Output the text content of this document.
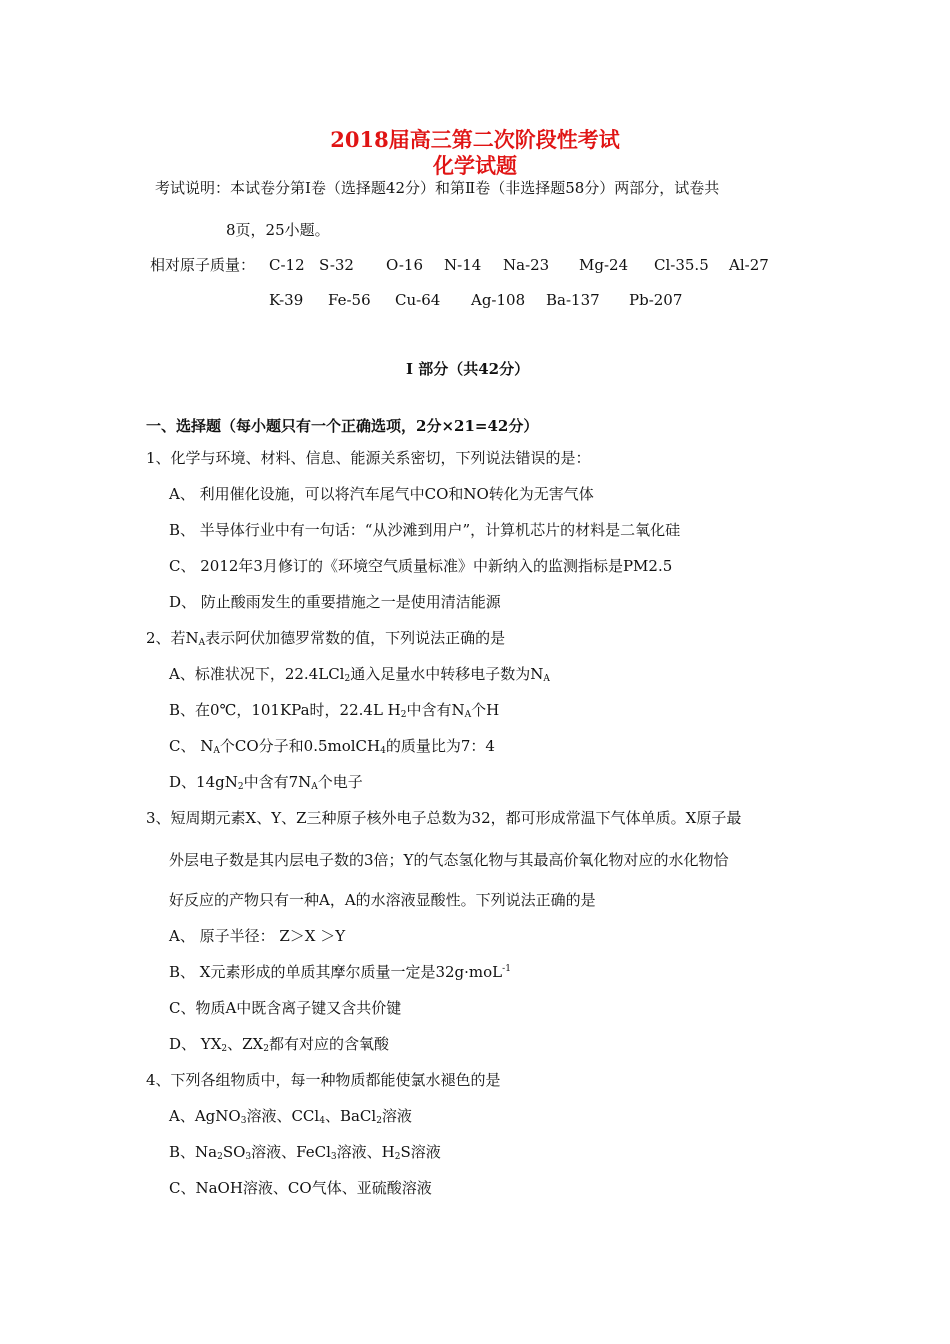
2018届高三第二次阶段性考试
化学试题
考试说明：本试卷分第Ⅰ卷（选择题42分）和第Ⅱ卷（非选择题58分）两部分，试卷共
8页，25小题。
相对原子质量： C-12 S-32 O-16 N-14 Na-23 Mg-24 Cl-35.5 Al-27
K-39 Fe-56 Cu-64 Ag-108 Ba-137 Pb-207
Ⅰ 部分（共42分）
一、选择题（每小题只有一个正确选项，2分×21=42分）
1、化学与环境、材料、信息、能源关系密切，下列说法错误的是：
A、 利用催化设施，可以将汽车尾气中CO和NO转化为无害气体
B、 半导体行业中有一句话：“从沙滩到用户”，计算机芯片的材料是二氧化硅
C、 2012年3月修订的《环境空气质量标准》中新纳入的监测指标是PM2.5
D、 防止酸雨发生的重要措施之一是使用清洁能源
2、若$N_A$表示阿伏加德罗常数的值，下列说法正确的是
A、标准状况下，22.4LCl$_2$通入足量水中转移电子数为$N_A$
B、在0℃，101KPa时，22.4L $H_2$中含有$N_A$个H
C、 $N_A$个CO分子和0.5molCH$_4$的质量比为7：4
D、$14gN_2$中含有$7N_A$个电子
3、短周期元素X、Y、Z三种原子核外电子总数为32，都可形成常温下气体单质。X原子最
外层电子数是其内层电子数的3倍；Y的气态氢化物与其最高价氧化物对应的水化物恰
好反应的产物只有一种A，A的水溶液显酸性。下列说法正确的是
A、 原子半径： Z＞X ＞Y
B、 X元素形成的单质其摩尔质量一定是32g·moL$^{-1}$
C、物质A中既含离子键又含共价键
D、 $YX_2$、$ZX_2$都有对应的含氧酸
4、下列各组物质中，每一种物质都能使氯水褪色的是
A、AgNO$_3$溶液、CCl$_4$、BaCl$_2$溶液
B、$Na_2SO_3$溶液、FeCl$_3$溶液、$H_2S$溶液
C、NaOH溶液、CO气体、亚硫酸溶液
